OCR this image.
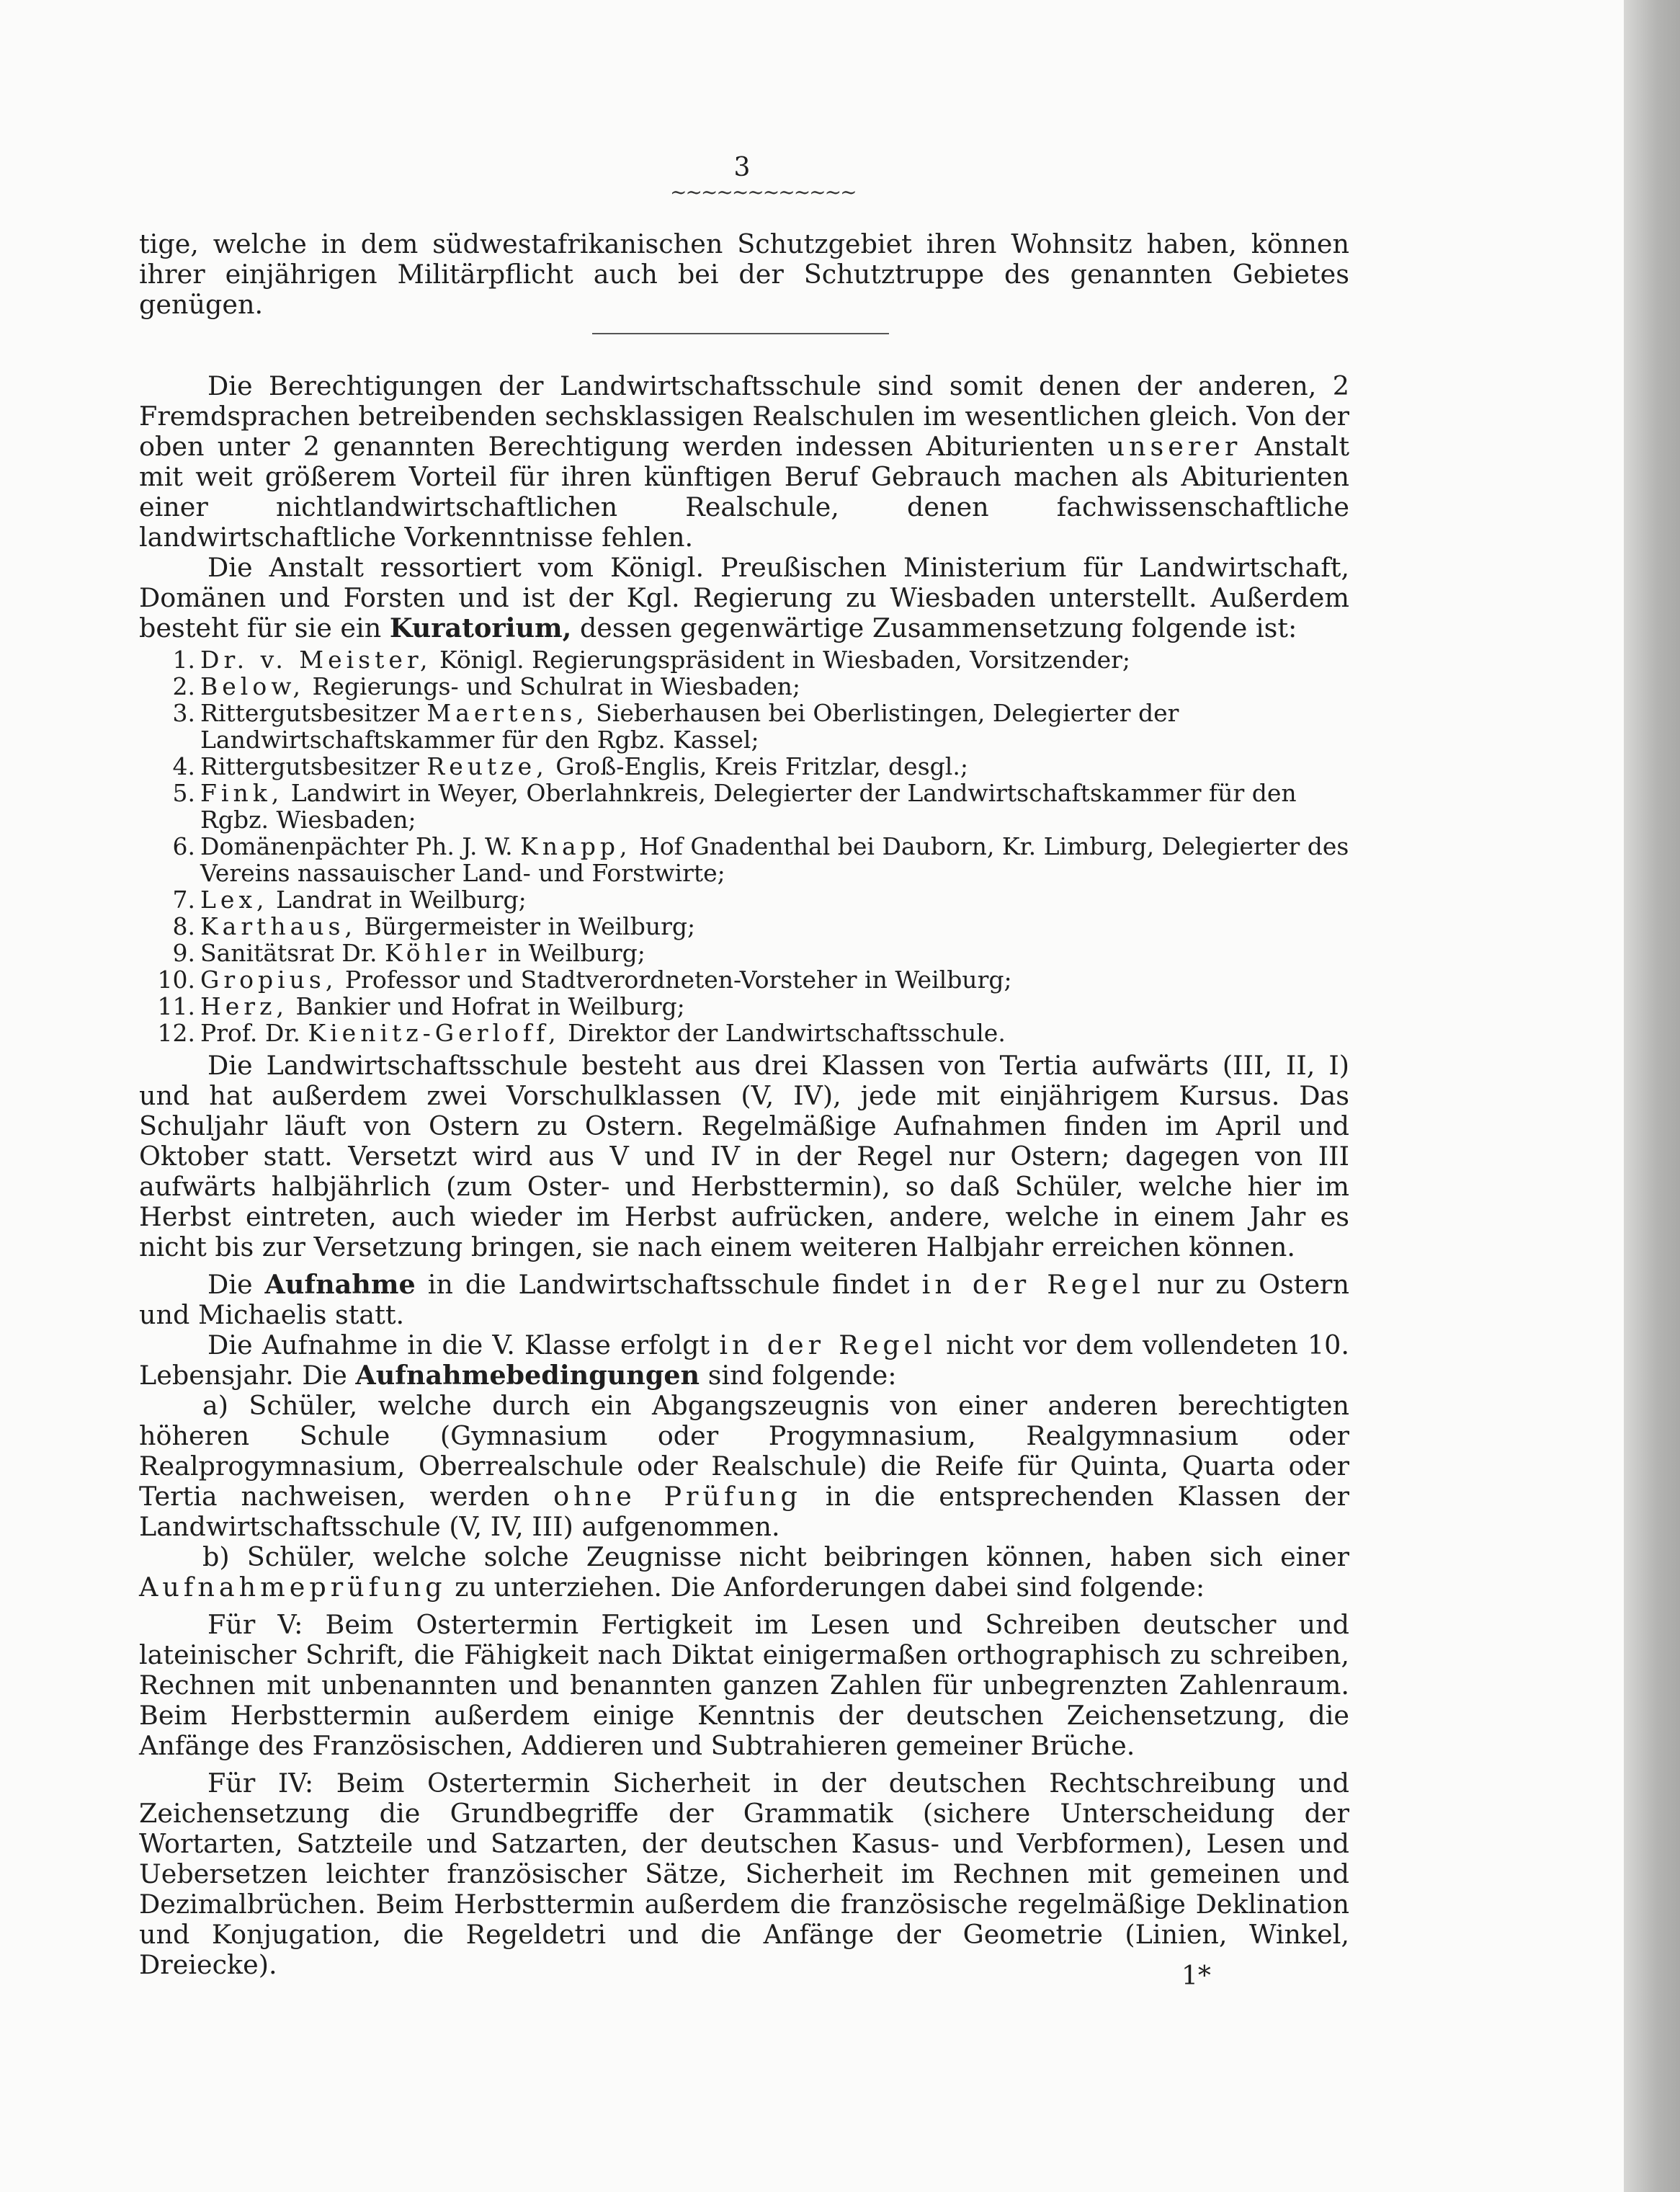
3
~~~~~~~~~~~~

tige, welche in dem südwestafrikanischen Schutzgebiet ihren Wohnsitz haben, können ihrer einjährigen Militärpflicht auch bei der Schutztruppe des genannten Gebietes genügen.

Die Berechtigungen der Landwirtschaftsschule sind somit denen der anderen, 2 Fremdsprachen betreibenden sechsklassigen Realschulen im wesentlichen gleich. Von der oben unter 2 genannten Berechtigung werden indessen Abiturienten unserer Anstalt mit weit größerem Vorteil für ihren künftigen Beruf Gebrauch machen als Abiturienten einer nichtlandwirtschaftlichen Realschule, denen fachwissenschaftliche landwirtschaftliche Vorkenntnisse fehlen.

Die Anstalt ressortiert vom Königl. Preußischen Ministerium für Landwirtschaft, Domänen und Forsten und ist der Kgl. Regierung zu Wiesbaden unterstellt. Außerdem besteht für sie ein Kuratorium, dessen gegenwärtige Zusammensetzung folgende ist:

1. Dr. v. Meister, Königl. Regierungspräsident in Wiesbaden, Vorsitzender;
2. Below, Regierungs- und Schulrat in Wiesbaden;
3. Rittergutsbesitzer Maertens, Sieberhausen bei Oberlistingen, Delegierter der Landwirtschaftskammer für den Rgbz. Kassel;
4. Rittergutsbesitzer Reutze, Groß-Englis, Kreis Fritzlar, desgl.;
5. Fink, Landwirt in Weyer, Oberlahnkreis, Delegierter der Landwirtschaftskammer für den Rgbz. Wiesbaden;
6. Domänenpächter Ph. J. W. Knapp, Hof Gnadenthal bei Dauborn, Kr. Limburg, Delegierter des Vereins nassauischer Land- und Forstwirte;
7. Lex, Landrat in Weilburg;
8. Karthaus, Bürgermeister in Weilburg;
9. Sanitätsrat Dr. Köhler in Weilburg;
10. Gropius, Professor und Stadtverordneten-Vorsteher in Weilburg;
11. Herz, Bankier und Hofrat in Weilburg;
12. Prof. Dr. Kienitz-Gerloff, Direktor der Landwirtschaftsschule.

Die Landwirtschaftsschule besteht aus drei Klassen von Tertia aufwärts (III, II, I) und hat außerdem zwei Vorschulklassen (V, IV), jede mit einjährigem Kursus. Das Schuljahr läuft von Ostern zu Ostern. Regelmäßige Aufnahmen finden im April und Oktober statt. Versetzt wird aus V und IV in der Regel nur Ostern; dagegen von III aufwärts halbjährlich (zum Oster- und Herbsttermin), so daß Schüler, welche hier im Herbst eintreten, auch wieder im Herbst aufrücken, andere, welche in einem Jahr es nicht bis zur Versetzung bringen, sie nach einem weiteren Halbjahr erreichen können.

Die Aufnahme in die Landwirtschaftsschule findet in der Regel nur zu Ostern und Michaelis statt.

Die Aufnahme in die V. Klasse erfolgt in der Regel nicht vor dem vollendeten 10. Lebensjahr. Die Aufnahmebedingungen sind folgende:

a) Schüler, welche durch ein Abgangszeugnis von einer anderen berechtigten höheren Schule (Gymnasium oder Progymnasium, Realgymnasium oder Realprogymnasium, Oberrealschule oder Realschule) die Reife für Quinta, Quarta oder Tertia nachweisen, werden ohne Prüfung in die entsprechenden Klassen der Landwirtschaftsschule (V, IV, III) aufgenommen.

b) Schüler, welche solche Zeugnisse nicht beibringen können, haben sich einer Aufnahmeprüfung zu unterziehen. Die Anforderungen dabei sind folgende:

Für V: Beim Ostertermin Fertigkeit im Lesen und Schreiben deutscher und lateinischer Schrift, die Fähigkeit nach Diktat einigermaßen orthographisch zu schreiben, Rechnen mit unbenannten und benannten ganzen Zahlen für unbegrenzten Zahlenraum. Beim Herbsttermin außerdem einige Kenntnis der deutschen Zeichensetzung, die Anfänge des Französischen, Addieren und Subtrahieren gemeiner Brüche.

Für IV: Beim Ostertermin Sicherheit in der deutschen Rechtschreibung und Zeichensetzung die Grundbegriffe der Grammatik (sichere Unterscheidung der Wortarten, Satzteile und Satzarten, der deutschen Kasus- und Verbformen), Lesen und Uebersetzen leichter französischer Sätze, Sicherheit im Rechnen mit gemeinen und Dezimalbrüchen. Beim Herbsttermin außerdem die französische regelmäßige Deklination und Konjugation, die Regeldetri und die Anfänge der Geometrie (Linien, Winkel, Dreiecke).	1*
